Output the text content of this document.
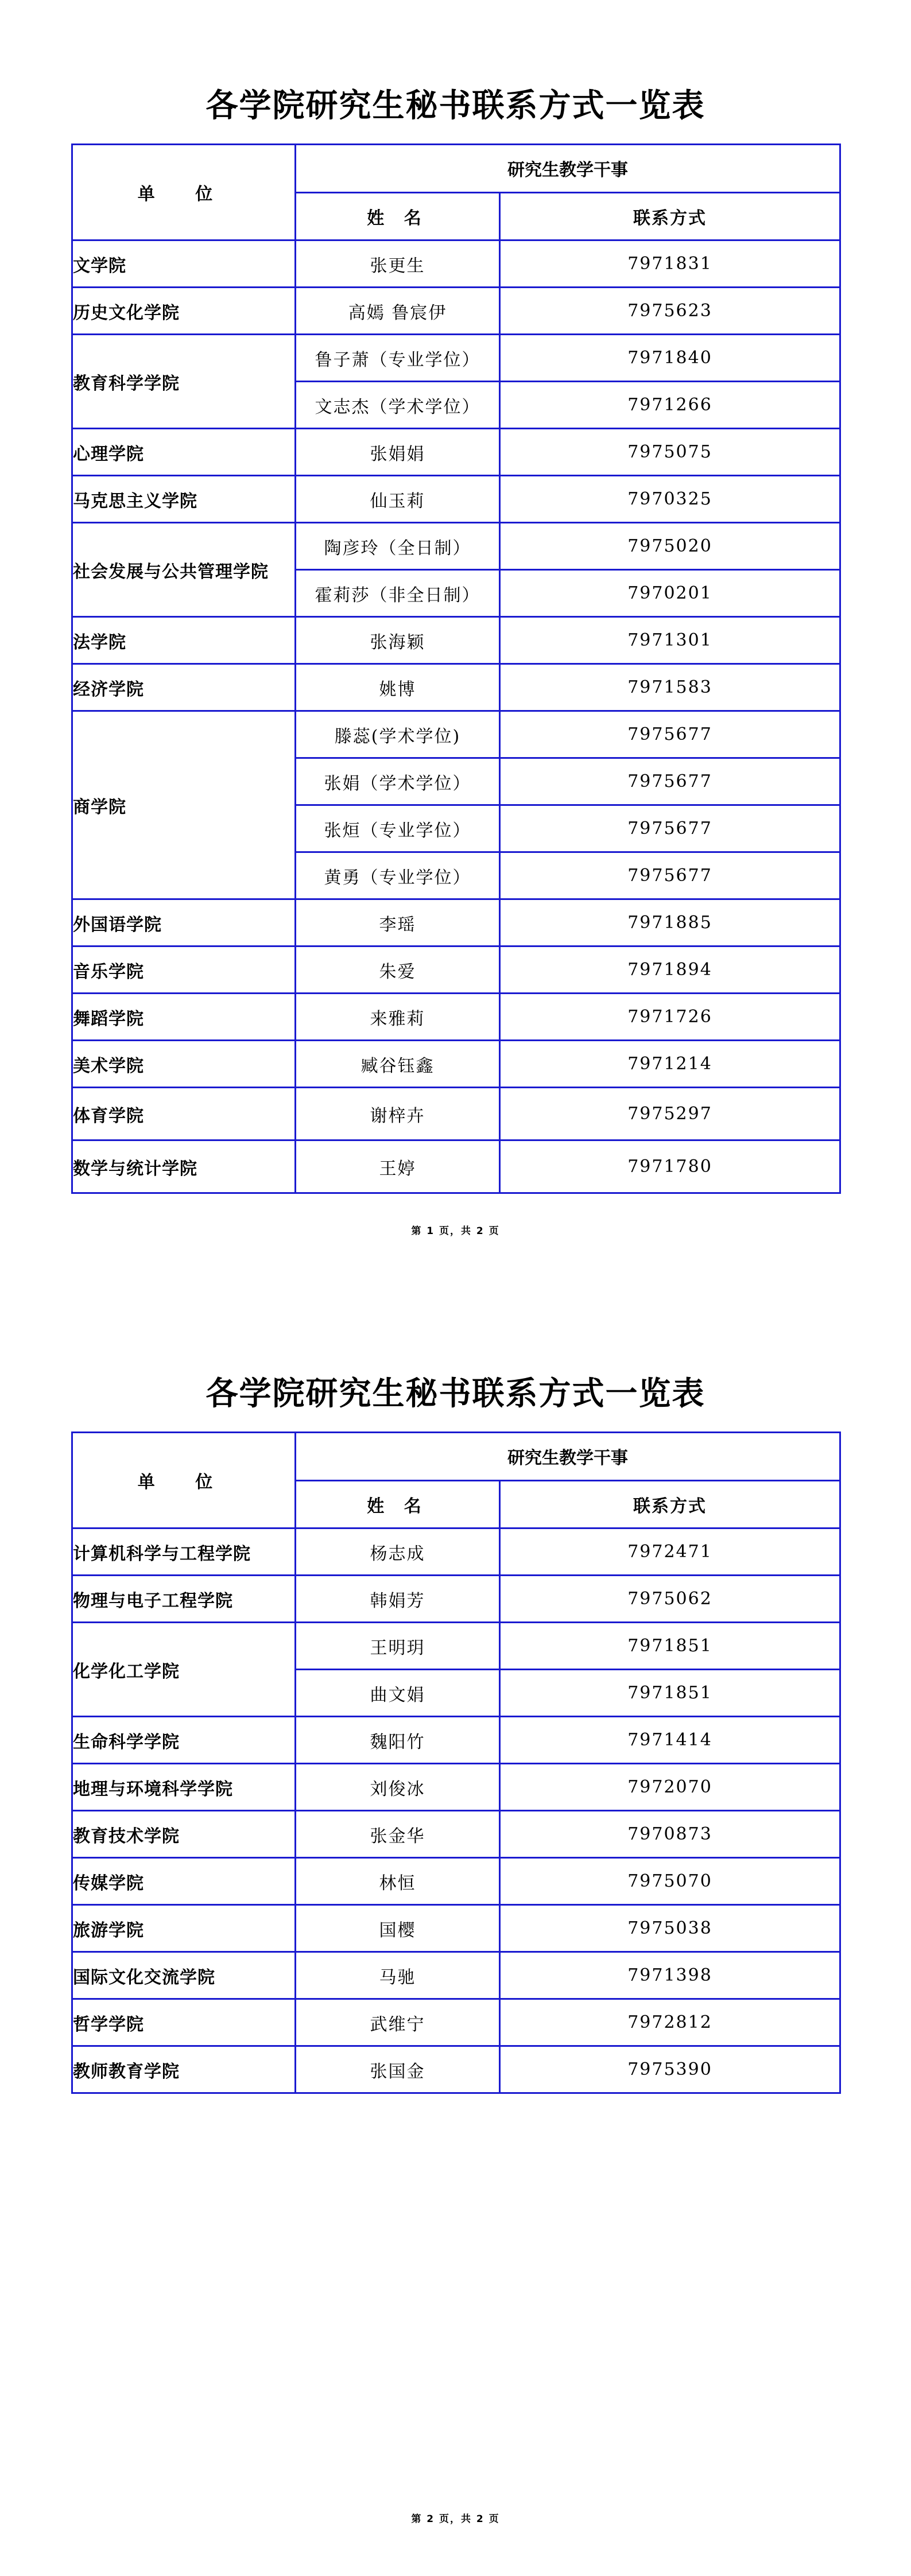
各学院研究生秘书联系方式一览表
单 位	研究生教学干事	
	姓 名	联系方式
文学院	张更生	7971831
历史文化学院	高嫣 鲁宸伊	7975623
教育科学学院	鲁子萧（专业学位）	7971840
	文志杰（学术学位）	7971266
心理学院	张娟娟	7975075
马克思主义学院	仙玉莉	7970325
社会发展与公共管理学院	陶彦玲（全日制）	7975020
	霍莉莎（非全日制）	7970201
法学院	张海颖	7971301
经济学院	姚博	7971583
商学院	滕蕊(学术学位)	7975677
	张娟（学术学位）	7975677
	张烜（专业学位）	7975677
	黄勇（专业学位）	7975677
外国语学院	李瑶	7971885
音乐学院	朱爱	7971894
舞蹈学院	来雅莉	7971726
美术学院	臧谷钰鑫	7971214
体育学院	谢梓卉	7975297
数学与统计学院	王婷	7971780
第 1 页，共 2 页
各学院研究生秘书联系方式一览表
单 位	研究生教学干事	
	姓 名	联系方式
计算机科学与工程学院	杨志成	7972471
物理与电子工程学院	韩娟芳	7975062
化学化工学院	王明玥	7971851
	曲文娟	7971851
生命科学学院	魏阳竹	7971414
地理与环境科学学院	刘俊冰	7972070
教育技术学院	张金华	7970873
传媒学院	林恒	7975070
旅游学院	国樱	7975038
国际文化交流学院	马驰	7971398
哲学学院	武维宁	7972812
教师教育学院	张国金	7975390
第 2 页，共 2 页
